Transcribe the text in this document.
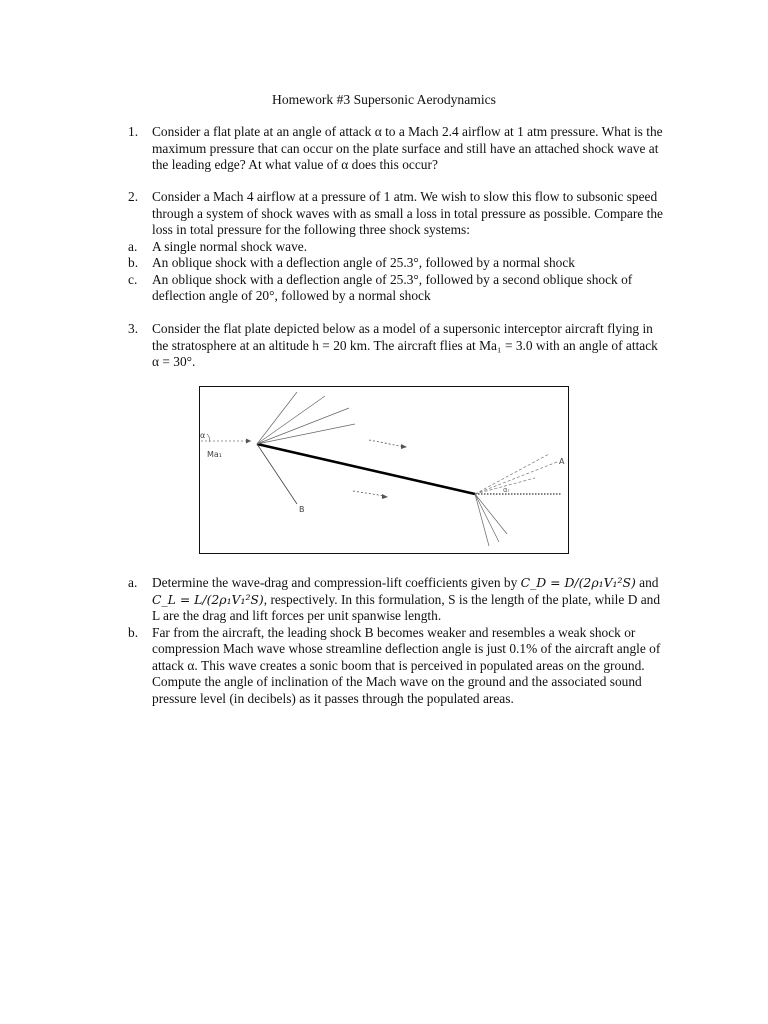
Homework #3 Supersonic Aerodynamics
1.	Consider a flat plate at an angle of attack α to a Mach 2.4 airflow at 1 atm pressure. What is the maximum pressure that can occur on the plate surface and still have an attached shock wave at the leading edge? At what value of α does this occur?
2.	Consider a Mach 4 airflow at a pressure of 1 atm. We wish to slow this flow to subsonic speed through a system of shock waves with as small a loss in total pressure as possible. Compare the loss in total pressure for the following three shock systems:
a.	A single normal shock wave.
b.	An oblique shock with a deflection angle of 25.3°, followed by a normal shock
c.	An oblique shock with a deflection angle of 25.3°, followed by a second oblique shock of deflection angle of 20°, followed by a normal shock
3.	Consider the flat plate depicted below as a model of a supersonic interceptor aircraft flying in the stratosphere at an altitude h = 20 km. The aircraft flies at Ma₁ = 3.0 with an angle of attack α = 30°.
α
Ma₁
A
αᵣ
B
a.	Determine the wave-drag and compression-lift coefficients given by C_D = D/(2ρ₁V₁²S) and C_L = L/(2ρ₁V₁²S), respectively. In this formulation, S is the length of the plate, while D and L are the drag and lift forces per unit spanwise length.
b.	Far from the aircraft, the leading shock B becomes weaker and resembles a weak shock or compression Mach wave whose streamline deflection angle is just 0.1% of the aircraft angle of attack α. This wave creates a sonic boom that is perceived in populated areas on the ground. Compute the angle of inclination of the Mach wave on the ground and the associated sound pressure level (in decibels) as it passes through the populated areas.
